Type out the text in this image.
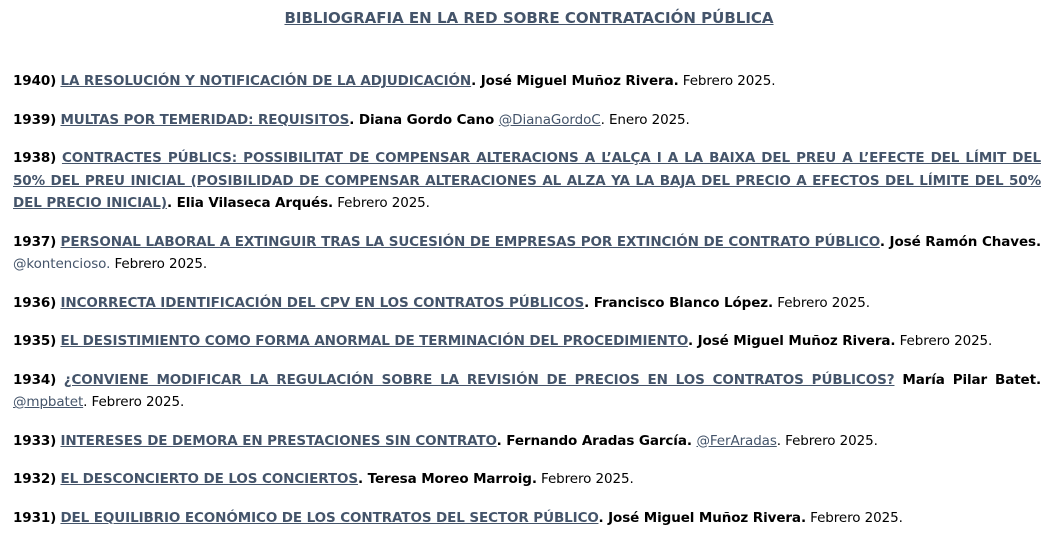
BIBLIOGRAFIA EN LA RED SOBRE CONTRATACIÓN PÚBLICA
1940) LA RESOLUCIÓN Y NOTIFICACIÓN DE LA ADJUDICACIÓN. José Miguel Muñoz Rivera. Febrero 2025.
1939) MULTAS POR TEMERIDAD: REQUISITOS. Diana Gordo Cano @DianaGordoC. Enero 2025.
1938) CONTRACTES PÚBLICS: POSSIBILITAT DE COMPENSAR ALTERACIONS A L’ALÇA I A LA BAIXA DEL PREU A L’EFECTE DEL LÍMIT DEL 50% DEL PREU INICIAL (POSIBILIDAD DE COMPENSAR ALTERACIONES AL ALZA YA LA BAJA DEL PRECIO A EFECTOS DEL LÍMITE DEL 50% DEL PRECIO INICIAL). Elia Vilaseca Arqués. Febrero 2025.
1937) PERSONAL LABORAL A EXTINGUIR TRAS LA SUCESIÓN DE EMPRESAS POR EXTINCIÓN DE CONTRATO PÚBLICO. José Ramón Chaves. @kontencioso. Febrero 2025.
1936) INCORRECTA IDENTIFICACIÓN DEL CPV EN LOS CONTRATOS PÚBLICOS. Francisco Blanco López. Febrero 2025.
1935) EL DESISTIMIENTO COMO FORMA ANORMAL DE TERMINACIÓN DEL PROCEDIMIENTO. José Miguel Muñoz Rivera. Febrero 2025.
1934) ¿CONVIENE MODIFICAR LA REGULACIÓN SOBRE LA REVISIÓN DE PRECIOS EN LOS CONTRATOS PÚBLICOS? María Pilar Batet. @mpbatet. Febrero 2025.
1933) INTERESES DE DEMORA EN PRESTACIONES SIN CONTRATO. Fernando Aradas García. @FerAradas. Febrero 2025.
1932) EL DESCONCIERTO DE LOS CONCIERTOS. Teresa Moreo Marroig. Febrero 2025.
1931) DEL EQUILIBRIO ECONÓMICO DE LOS CONTRATOS DEL SECTOR PÚBLICO. José Miguel Muñoz Rivera. Febrero 2025.
